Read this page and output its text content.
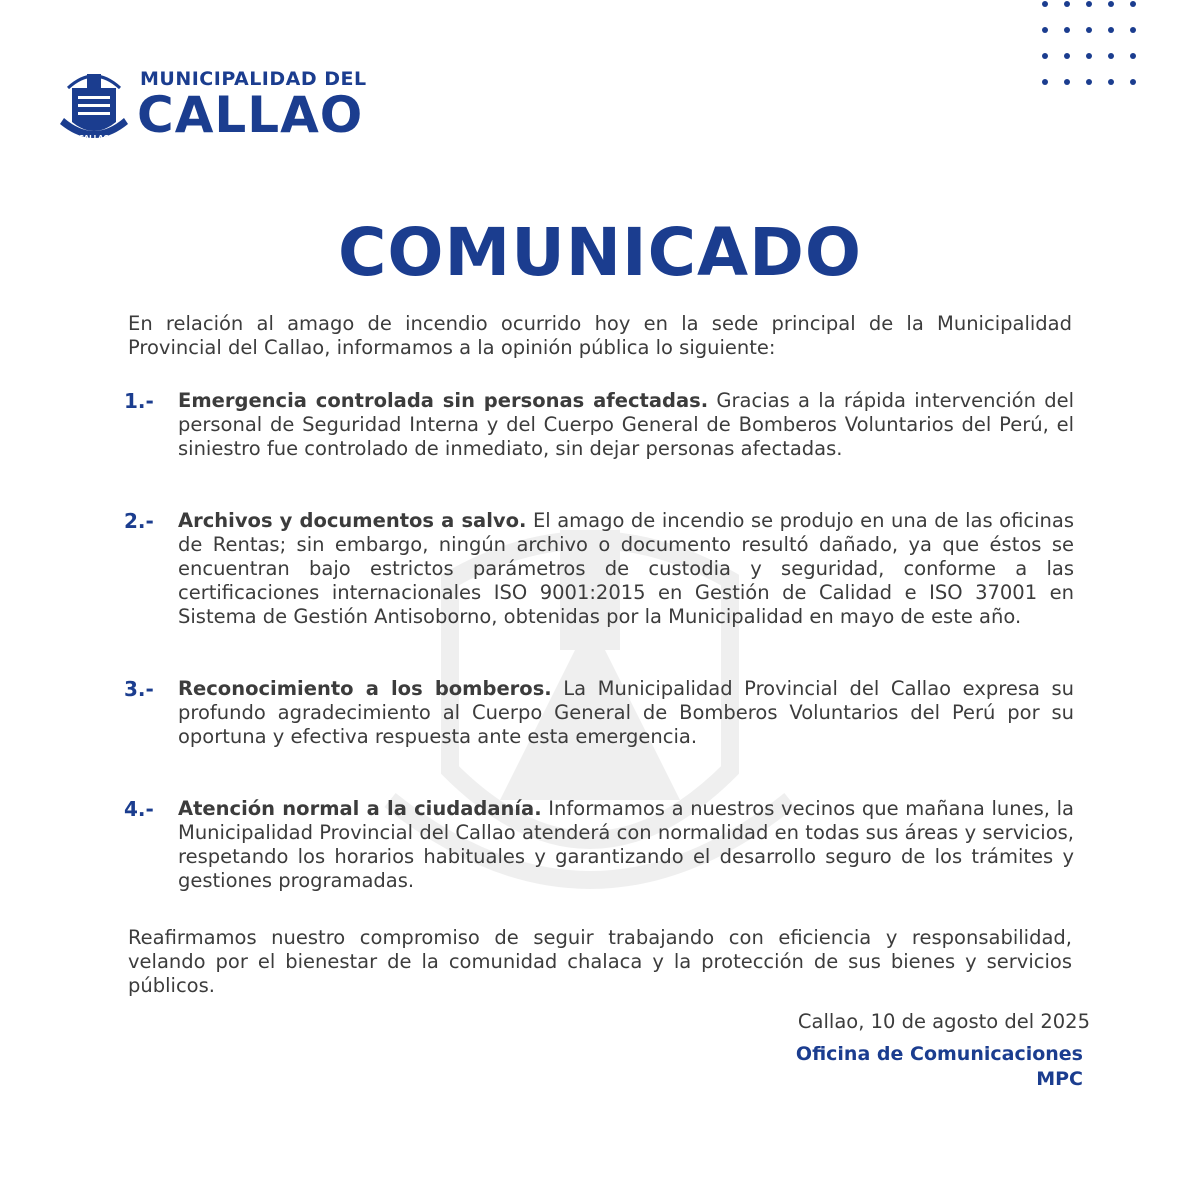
CALLAO
MUNICIPALIDAD DEL
CALLAO
COMUNICADO

En relación al amago de incendio ocurrido hoy en la sede principal de la Municipalidad Provincial del Callao, informamos a la opinión pública lo siguiente:

1.- Emergencia controlada sin personas afectadas. Gracias a la rápida intervención del personal de Seguridad Interna y del Cuerpo General de Bomberos Voluntarios del Perú, el siniestro fue controlado de inmediato, sin dejar personas afectadas.

2.- Archivos y documentos a salvo. El amago de incendio se produjo en una de las oficinas de Rentas; sin embargo, ningún archivo o documento resultó dañado, ya que éstos se encuentran bajo estrictos parámetros de custodia y seguridad, conforme a las certificaciones internacionales ISO 9001:2015 en Gestión de Calidad e ISO 37001 en Sistema de Gestión Antisoborno, obtenidas por la Municipalidad en mayo de este año.

3.- Reconocimiento a los bomberos. La Municipalidad Provincial del Callao expresa su profundo agradecimiento al Cuerpo General de Bomberos Voluntarios del Perú por su oportuna y efectiva respuesta ante esta emergencia.

4.- Atención normal a la ciudadanía. Informamos a nuestros vecinos que mañana lunes, la Municipalidad Provincial del Callao atenderá con normalidad en todas sus áreas y servicios, respetando los horarios habituales y garantizando el desarrollo seguro de los trámites y gestiones programadas.

Reafirmamos nuestro compromiso de seguir trabajando con eficiencia y responsabilidad, velando por el bienestar de la comunidad chalaca y la protección de sus bienes y servicios públicos.

Callao, 10 de agosto del 2025
Oficina de Comunicaciones
MPC
